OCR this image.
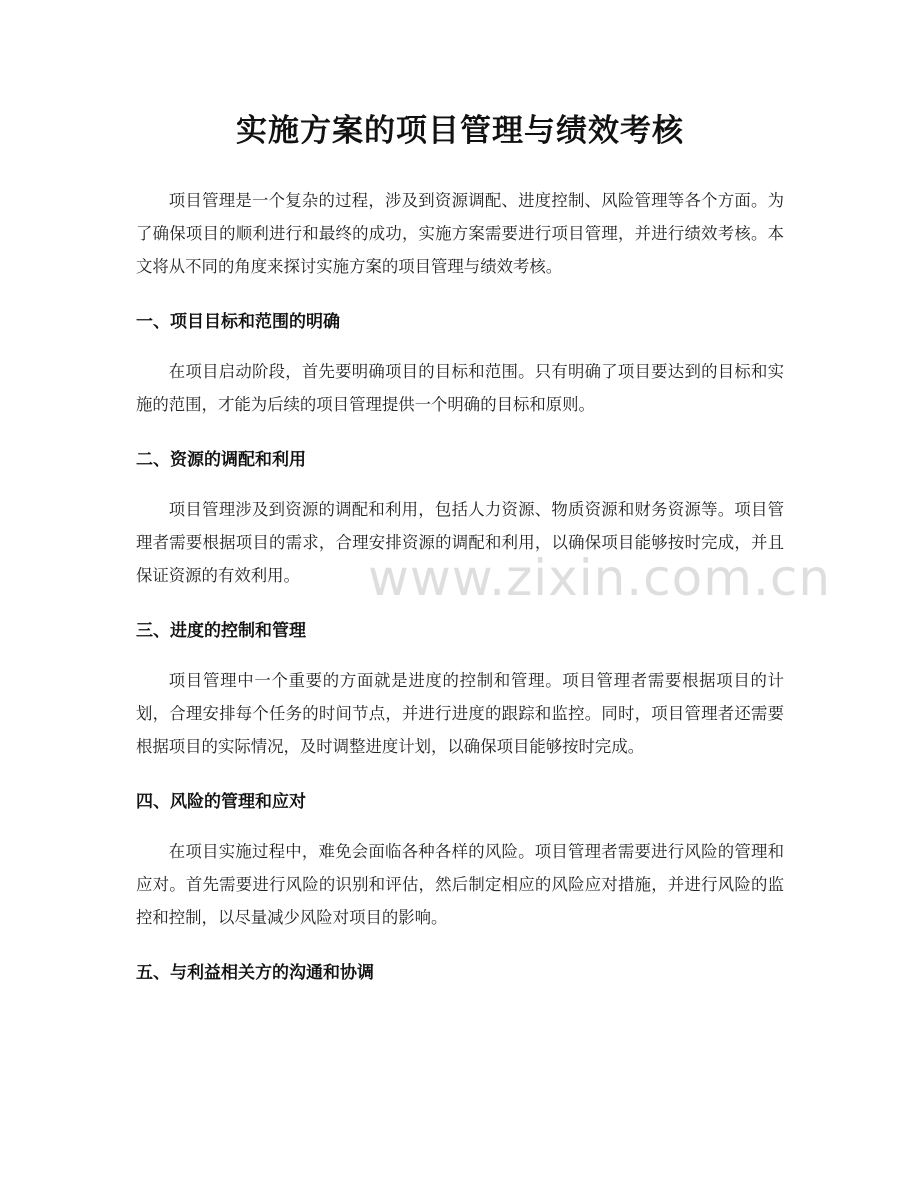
实施方案的项目管理与绩效考核

项目管理是一个复杂的过程，涉及到资源调配、进度控制、风险管理等各个方面。为了确保项目的顺利进行和最终的成功，实施方案需要进行项目管理，并进行绩效考核。本文将从不同的角度来探讨实施方案的项目管理与绩效考核。

一、项目目标和范围的明确

在项目启动阶段，首先要明确项目的目标和范围。只有明确了项目要达到的目标和实施的范围，才能为后续的项目管理提供一个明确的目标和原则。

二、资源的调配和利用

项目管理涉及到资源的调配和利用，包括人力资源、物质资源和财务资源等。项目管理者需要根据项目的需求，合理安排资源的调配和利用，以确保项目能够按时完成，并且保证资源的有效利用。

三、进度的控制和管理

项目管理中一个重要的方面就是进度的控制和管理。项目管理者需要根据项目的计划，合理安排每个任务的时间节点，并进行进度的跟踪和监控。同时，项目管理者还需要根据项目的实际情况，及时调整进度计划，以确保项目能够按时完成。

四、风险的管理和应对

在项目实施过程中，难免会面临各种各样的风险。项目管理者需要进行风险的管理和应对。首先需要进行风险的识别和评估，然后制定相应的风险应对措施，并进行风险的监控和控制，以尽量减少风险对项目的影响。

五、与利益相关方的沟通和协调
www.zixin.com.cn
